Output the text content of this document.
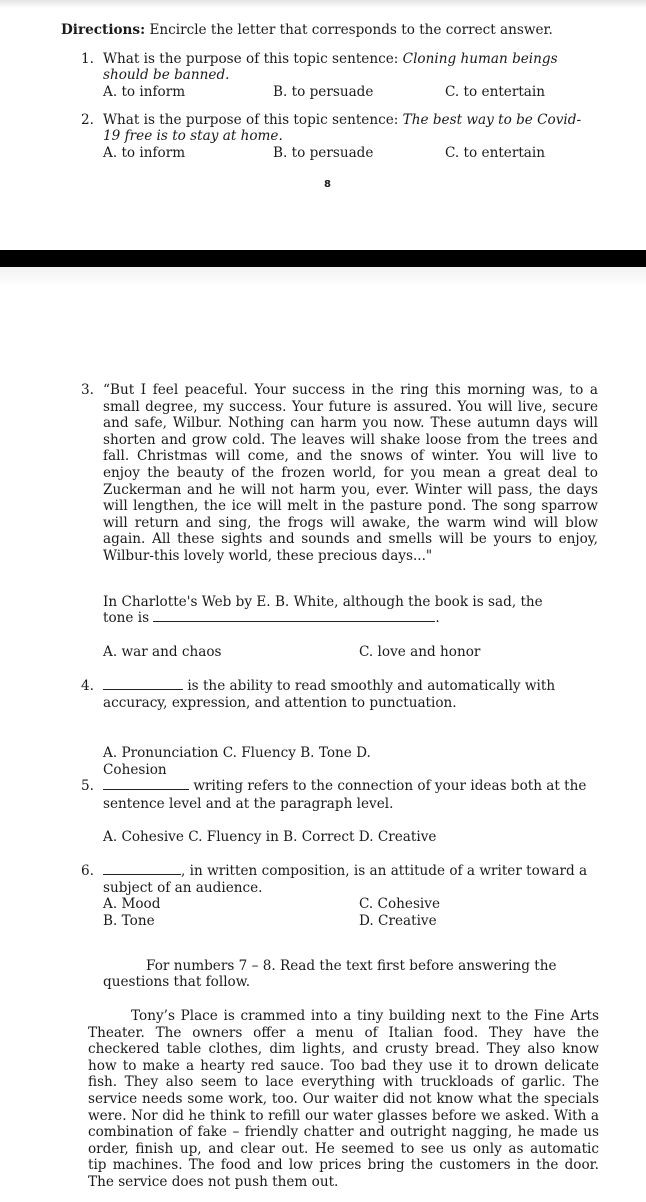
Directions: Encircle the letter that corresponds to the correct answer.
1. What is the purpose of this topic sentence: Cloning human beings
should be banned.
A. to inform	B. to persuade	C. to entertain
2. What is the purpose of this topic sentence: The best way to be Covid-
19 free is to stay at home.
A. to inform	B. to persuade	C. to entertain
8
3. “But I feel peaceful. Your success in the ring this morning was, to a
small degree, my success. Your future is assured. You will live, secure
and safe, Wilbur. Nothing can harm you now. These autumn days will
shorten and grow cold. The leaves will shake loose from the trees and
fall. Christmas will come, and the snows of winter. You will live to
enjoy the beauty of the frozen world, for you mean a great deal to
Zuckerman and he will not harm you, ever. Winter will pass, the days
will lengthen, the ice will melt in the pasture pond. The song sparrow
will return and sing, the frogs will awake, the warm wind will blow
again. All these sights and sounds and smells will be yours to enjoy,
Wilbur-this lovely world, these precious days..."
In Charlotte's Web by E. B. White, although the book is sad, the
tone is	.
A. war and chaos	C. love and honor
4.	is the ability to read smoothly and automatically with
accuracy, expression, and attention to punctuation.
A. Pronunciation C. Fluency B. Tone D.
Cohesion
5.	writing refers to the connection of your ideas both at the
sentence level and at the paragraph level.
A. Cohesive C. Fluency in B. Correct D. Creative
6.	, in written composition, is an attitude of a writer toward a
subject of an audience.
A. Mood
B. Tone
C. Cohesive
D. Creative
For numbers 7 – 8. Read the text first before answering the
questions that follow.
Tony’s Place is crammed into a tiny building next to the Fine Arts
Theater. The owners offer a menu of Italian food. They have the
checkered table clothes, dim lights, and crusty bread. They also know
how to make a hearty red sauce. Too bad they use it to drown delicate
fish. They also seem to lace everything with truckloads of garlic. The
service needs some work, too. Our waiter did not know what the specials
were. Nor did he think to refill our water glasses before we asked. With a
combination of fake – friendly chatter and outright nagging, he made us
order, finish up, and clear out. He seemed to see us only as automatic
tip machines. The food and low prices bring the customers in the door.
The service does not push them out.
